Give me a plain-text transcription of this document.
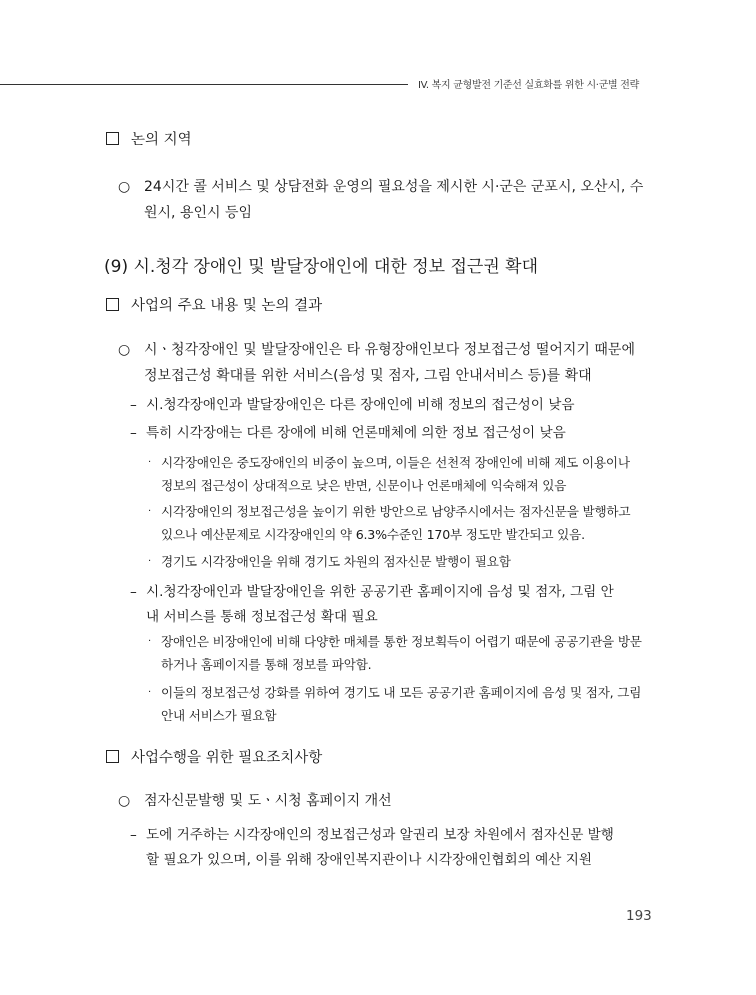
IV. 복지 균형발전 기준선 실효화를 위한 시·군별 전략
논의 지역
○ 24시간 콜 서비스 및 상담전화 운영의 필요성을 제시한 시·군은 군포시, 오산시, 수
원시, 용인시 등임
(9) 시.청각 장애인 및 발달장애인에 대한 정보 접근권 확대
사업의 주요 내용 및 논의 결과
○ 시ㆍ청각장애인 및 발달장애인은 타 유형장애인보다 정보접근성 떨어지기 때문에
정보접근성 확대를 위한 서비스(음성 및 점자, 그림 안내서비스 등)를 확대
– 시.청각장애인과 발달장애인은 다른 장애인에 비해 정보의 접근성이 낮음
– 특히 시각장애는 다른 장애에 비해 언론매체에 의한 정보 접근성이 낮음
· 시각장애인은 중도장애인의 비중이 높으며, 이들은 선천적 장애인에 비해 제도 이용이나
정보의 접근성이 상대적으로 낮은 반면, 신문이나 언론매체에 익숙해져 있음
· 시각장애인의 정보접근성을 높이기 위한 방안으로 남양주시에서는 점자신문을 발행하고
있으나 예산문제로 시각장애인의 약 6.3%수준인 170부 정도만 발간되고 있음.
· 경기도 시각장애인을 위해 경기도 차원의 점자신문 발행이 필요함
– 시.청각장애인과 발달장애인을 위한 공공기관 홈페이지에 음성 및 점자, 그림 안
내 서비스를 통해 정보접근성 확대 필요
· 장애인은 비장애인에 비해 다양한 매체를 통한 정보획득이 어렵기 때문에 공공기관을 방문
하거나 홈페이지를 통해 정보를 파악함.
· 이들의 정보접근성 강화를 위하여 경기도 내 모든 공공기관 홈페이지에 음성 및 점자, 그림
안내 서비스가 필요함
사업수행을 위한 필요조치사항
○ 점자신문발행 및 도ㆍ시청 홈페이지 개선
– 도에 거주하는 시각장애인의 정보접근성과 알권리 보장 차원에서 점자신문 발행
할 필요가 있으며, 이를 위해 장애인복지관이나 시각장애인협회의 예산 지원
193
